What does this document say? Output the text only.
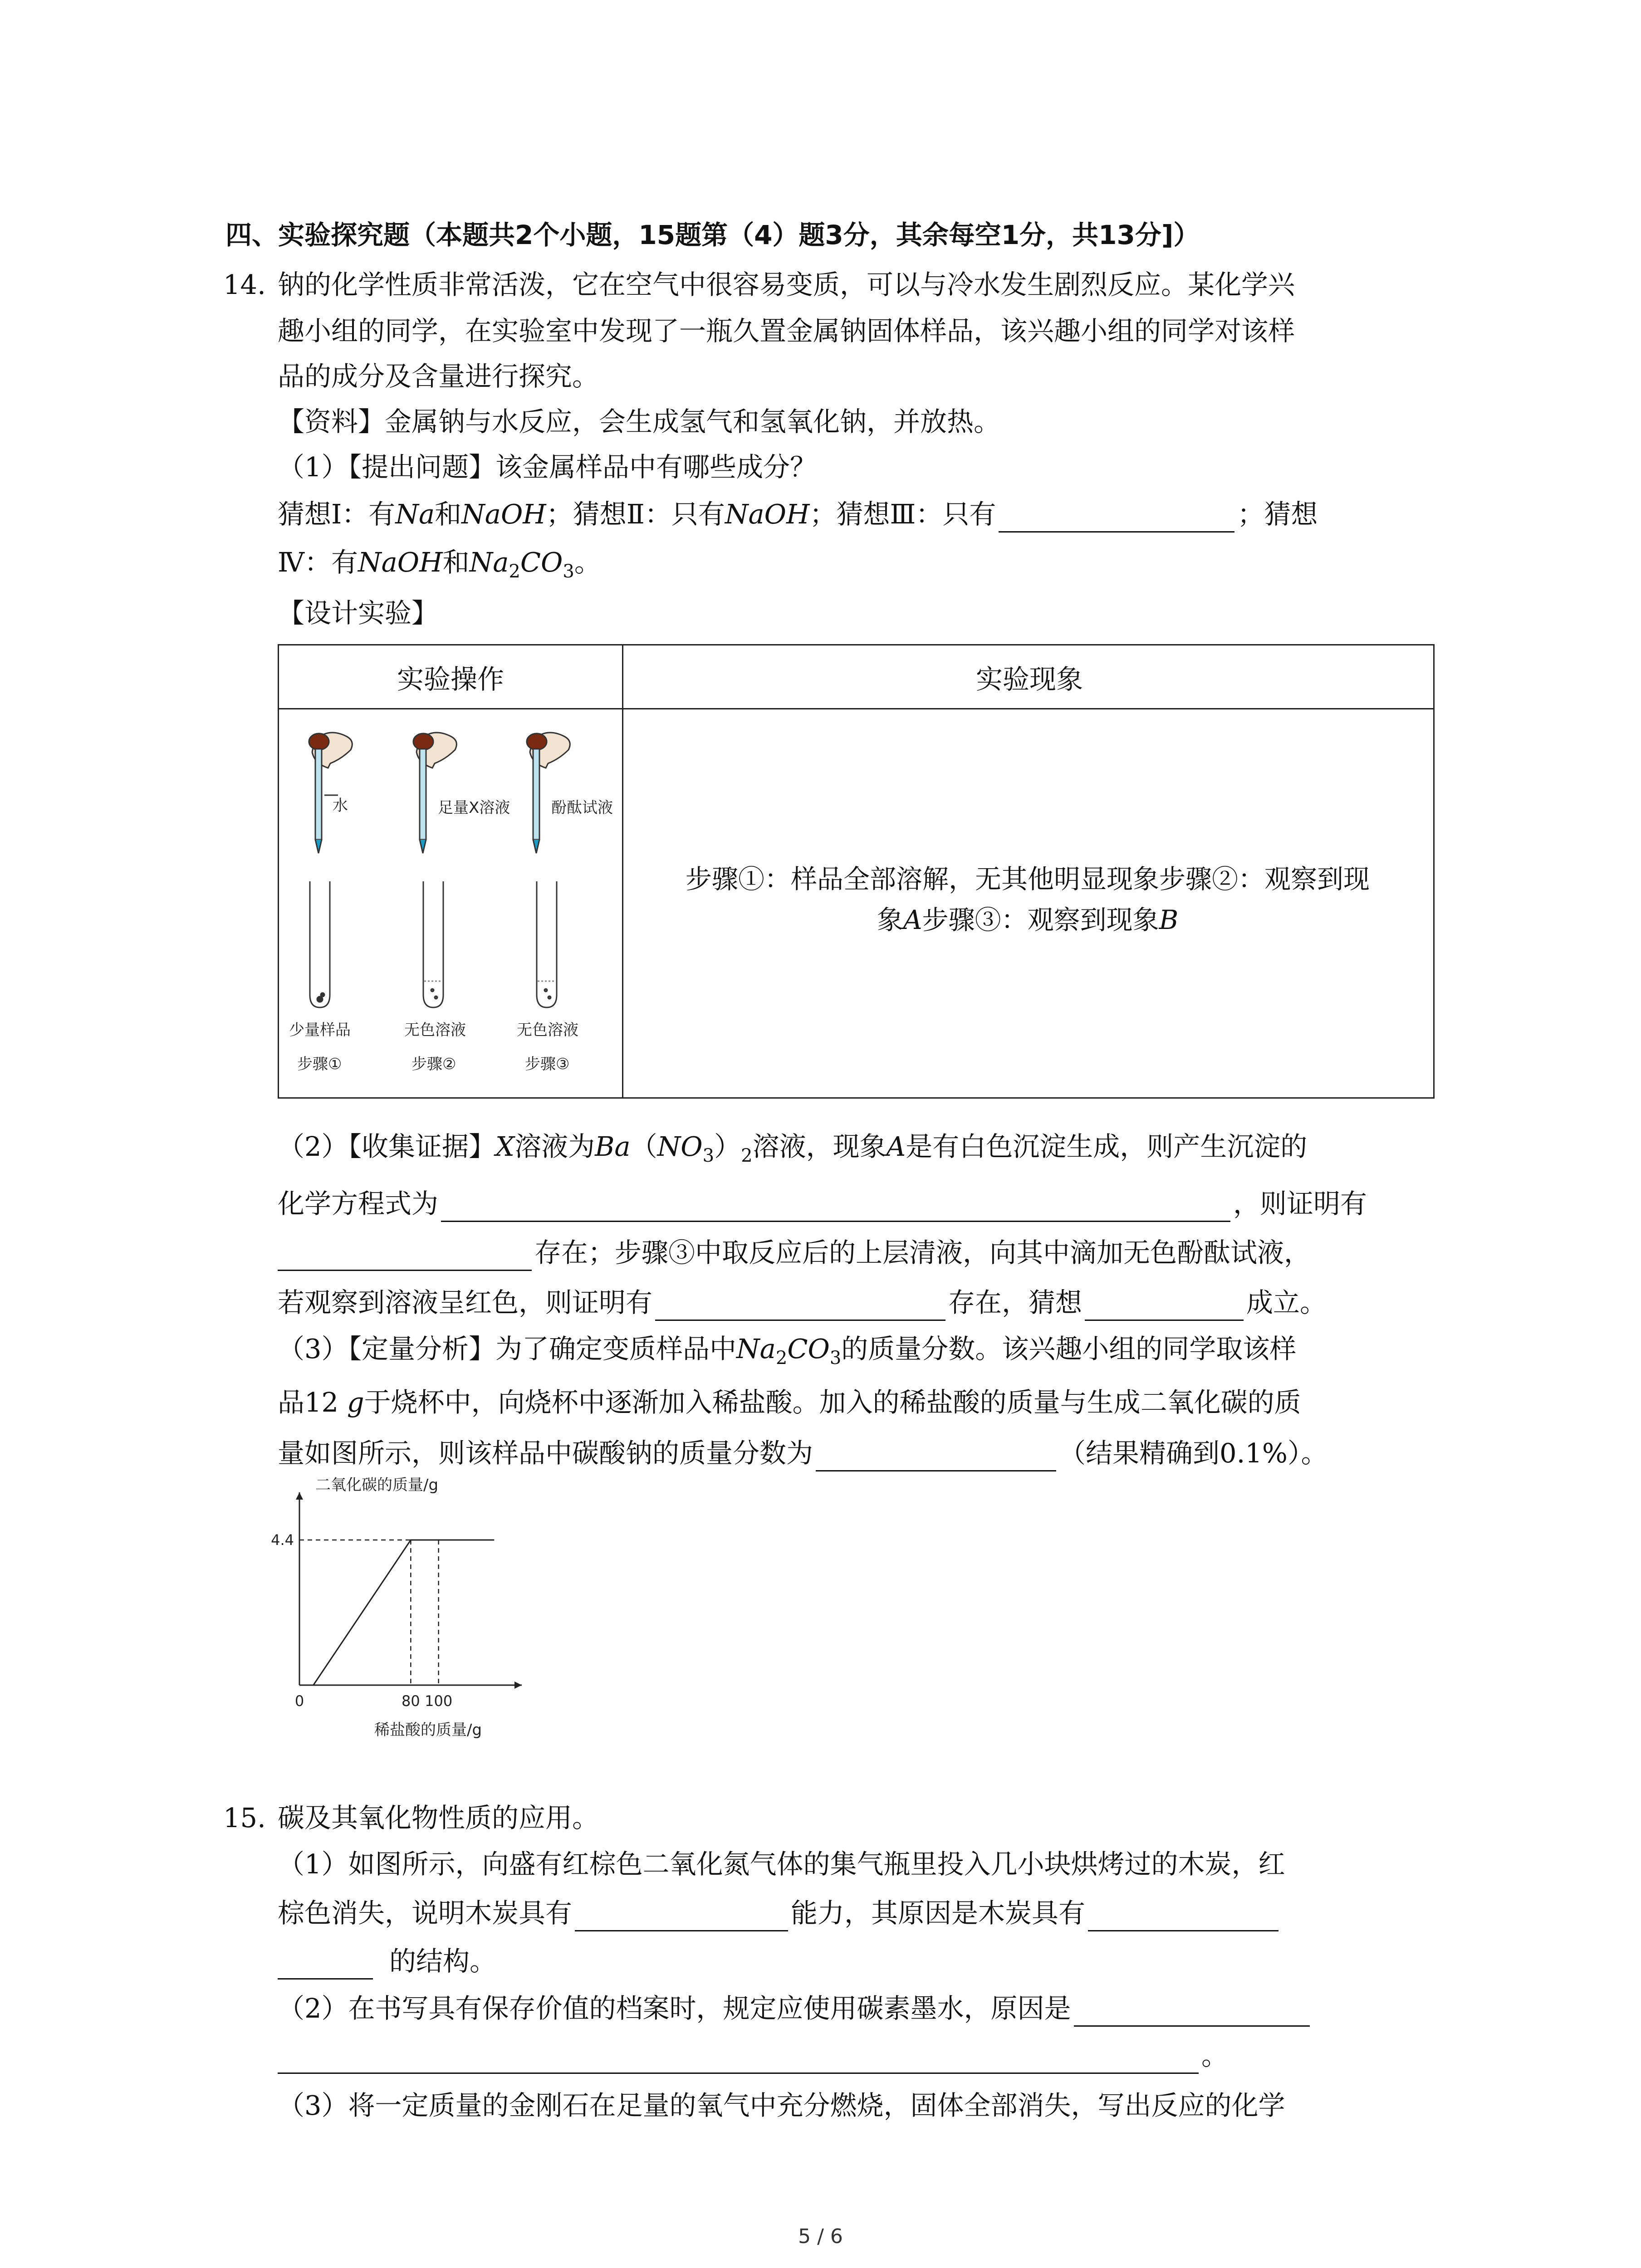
四、实验探究题（本题共2个小题，15题第（4）题3分，其余每空1分，共13分]）
14. 钠的化学性质非常活泼，它在空气中很容易变质，可以与冷水发生剧烈反应。某化学兴
趣小组的同学，在实验室中发现了一瓶久置金属钠固体样品，该兴趣小组的同学对该样
品的成分及含量进行探究。
【资料】金属钠与水反应，会生成氢气和氢氧化钠，并放热。
（1）【提出问题】该金属样品中有哪些成分？
猜想Ⅰ：有Na和NaOH；猜想Ⅱ：只有NaOH；猜想Ⅲ：只有	；猜想
Ⅳ：有NaOH和$Na_2CO_3$。
【设计实验】
实验操作	实验现象
水	足量X溶液	酚酞试液
少量样品	无色溶液	无色溶液
步骤①	步骤②	步骤③
步骤①：样品全部溶解，无其他明显现象步骤②：观察到现
象A步骤③：观察到现象B
（2）【收集证据】X溶液为$Ba(NO_3)_2$溶液，现象A是有白色沉淀生成，则产生沉淀的
化学方程式为	，则证明有
存在；步骤③中取反应后的上层清液，向其中滴加无色酚酞试液，
若观察到溶液呈红色，则证明有	存在，猜想	成立。
（3）【定量分析】为了确定变质样品中$Na_2CO_3$的质量分数。该兴趣小组的同学取该样
品12 g于烧杯中，向烧杯中逐渐加入稀盐酸。加入的稀盐酸的质量与生成二氧化碳的质
量如图所示，则该样品中碳酸钠的质量分数为	（结果精确到0.1%）。
0	80 100
4.4
二氧化碳的质量/g
稀盐酸的质量/g
15. 碳及其氧化物性质的应用。
（1）如图所示，向盛有红棕色二氧化氮气体的集气瓶里投入几小块烘烤过的木炭，红
棕色消失，说明木炭具有	能力，其原因是木炭具有
的结构。
（2）在书写具有保存价值的档案时，规定应使用碳素墨水，原因是
。
（3）将一定质量的金刚石在足量的氧气中充分燃烧，固体全部消失，写出反应的化学
5 / 6
